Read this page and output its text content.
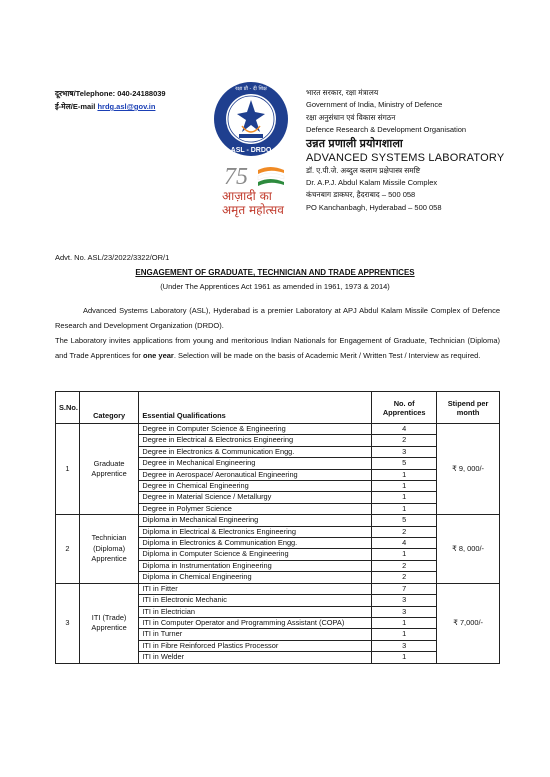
दूरभाष/Telephone: 040-24188039
ई-मेल/E-mail hrdg.asl@gov.in
ASL - DRDO
रक्षा प्रौ - दी शिक्ष
75
आज़ादी का
अमृत महोत्सव
भारत सरकार, रक्षा मंत्रालय
Government of India, Ministry of Defence
रक्षा अनुसंधान एवं विकास संगठन
Defence Research & Development Organisation
उन्नत प्रणाली प्रयोगशाला
ADVANCED SYSTEMS LABORATORY
डॉ. ए.पी.जे. अब्दुल कलाम प्रक्षेपास्त्र समष्टि
Dr. A.P.J. Abdul Kalam Missile Complex
कंचनबाग डाकघर, हैदराबाद – 500 058
PO Kanchanbagh, Hyderabad – 500 058
Advt. No. ASL/23/2022/3322/OR/1
ENGAGEMENT OF GRADUATE, TECHNICIAN AND TRADE APPRENTICES
(Under The Apprentices Act 1961 as amended in 1961, 1973 & 2014)
Advanced Systems Laboratory (ASL), Hyderabad is a premier Laboratory at APJ Abdul Kalam Missile Complex of Defence Research and Development Organization (DRDO).
The Laboratory invites applications from young and meritorious Indian Nationals for Engagement of Graduate, Technician (Diploma) and Trade Apprentices for one year. Selection will be made on the basis of Academic Merit / Written Test / Interview as required.
S.No.	Category	Essential Qualifications	No. of Apprentices	Stipend per month
1	Graduate Apprentice	Degree in Computer Science & Engineering	4	₹ 9, 000/-
		Degree in Electrical & Electronics Engineering	2	
		Degree in Electronics & Communication Engg.	3	
		Degree in Mechanical Engineering	5	
		Degree in Aerospace/ Aeronautical Engineering	1	
		Degree in Chemical Engineering	1	
		Degree in Material Science / Metallurgy	1	
		Degree in Polymer Science	1	
2	Technician (Diploma) Apprentice	Diploma in Mechanical Engineering	5	₹ 8, 000/-
		Diploma in Electrical & Electronics Engineering	2	
		Diploma in Electronics & Communication Engg.	4	
		Diploma in Computer Science & Engineering	1	
		Diploma in Instrumentation Engineering	2	
		Diploma in Chemical Engineering	2	
3	ITI (Trade) Apprentice	ITI in Fitter	7	₹ 7,000/-
		ITI in Electronic Mechanic	3	
		ITI in Electrician	3	
		ITI in Computer Operator and Programming Assistant (COPA)	1	
		ITI in Turner	1	
		ITI in Fibre Reinforced Plastics Processor	3	
		ITI in Welder	1	
